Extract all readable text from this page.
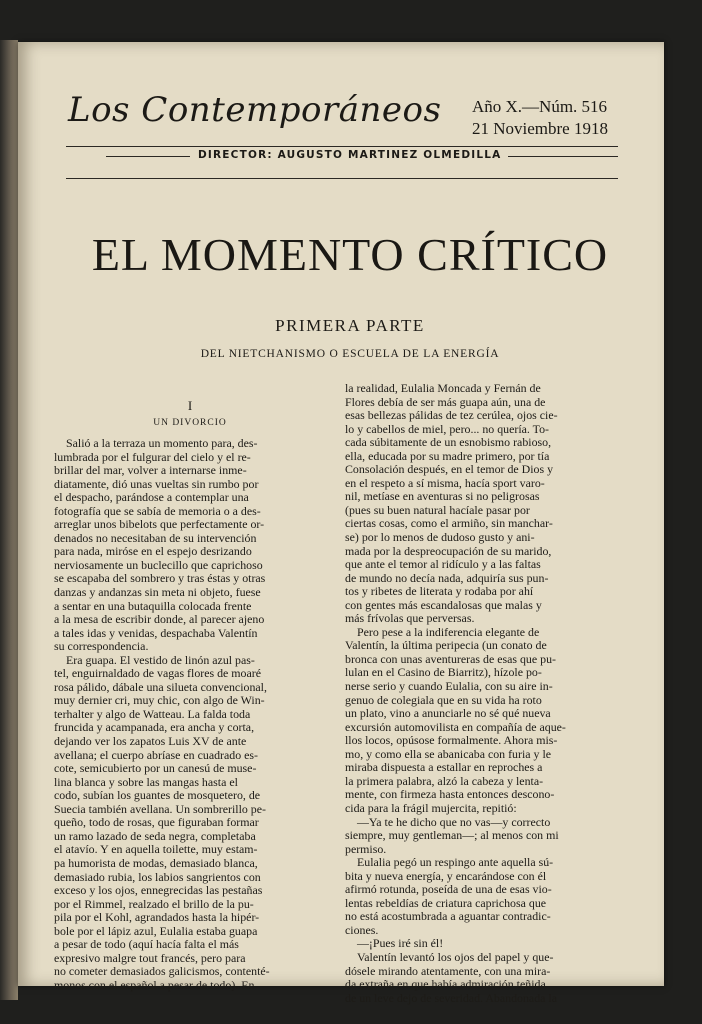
Los Contemporáneos Año X.—Núm. 516
21 Noviembre 1918
DIRECTOR: AUGUSTO MARTINEZ OLMEDILLA
EL MOMENTO CRÍTICO
PRIMERA PARTE
DEL NIETCHANISMO O ESCUELA DE LA ENERGÍA
I
UN DIVORCIO
Salió a la terraza un momento para, des-
lumbrada por el fulgurar del cielo y el re-
brillar del mar, volver a internarse inme-
diatamente, dió unas vueltas sin rumbo por
el despacho, parándose a contemplar una
fotografía que se sabía de memoria o a des-
arreglar unos bibelots que perfectamente or-
denados no necesitaban de su intervención
para nada, miróse en el espejo desrizando
nerviosamente un buclecillo que caprichoso
se escapaba del sombrero y tras éstas y otras
danzas y andanzas sin meta ni objeto, fuese
a sentar en una butaquilla colocada frente
a la mesa de escribir donde, al parecer ajeno
a tales idas y venidas, despachaba Valentín
su correspondencia.
Era guapa. El vestido de linón azul pas-
tel, enguirnaldado de vagas flores de moaré
rosa pálido, dábale una silueta convencional,
muy dernier cri, muy chic, con algo de Win-
terhalter y algo de Watteau. La falda toda
fruncida y acampanada, era ancha y corta,
dejando ver los zapatos Luis XV de ante
avellana; el cuerpo abríase en cuadrado es-
cote, semicubierto por un canesú de muse-
lina blanca y sobre las mangas hasta el
codo, subían los guantes de mosquetero, de
Suecia también avellana. Un sombrerillo pe-
queño, todo de rosas, que figuraban formar
un ramo lazado de seda negra, completaba
el atavío. Y en aquella toilette, muy estam-
pa humorista de modas, demasiado blanca,
demasiado rubia, los labios sangrientos con
exceso y los ojos, ennegrecidas las pestañas
por el Rimmel, realzado el brillo de la pu-
pila por el Kohl, agrandados hasta la hipér-
bole por el lápiz azul, Eulalia estaba guapa
a pesar de todo (aquí hacía falta el más
expresivo malgre tout francés, pero para
no cometer demasiados galicismos, contenté-
monos con el español a pesar de todo). En
la realidad, Eulalia Moncada y Fernán de
Flores debía de ser más guapa aún, una de
esas bellezas pálidas de tez cerúlea, ojos cie-
lo y cabellos de miel, pero... no quería. To-
cada súbitamente de un esnobismo rabioso,
ella, educada por su madre primero, por tía
Consolación después, en el temor de Dios y
en el respeto a sí misma, hacía sport varo-
nil, metíase en aventuras si no peligrosas
(pues su buen natural hacíale pasar por
ciertas cosas, como el armiño, sin manchar-
se) por lo menos de dudoso gusto y ani-
mada por la despreocupación de su marido,
que ante el temor al ridículo y a las faltas
de mundo no decía nada, adquiría sus pun-
tos y ribetes de literata y rodaba por ahí
con gentes más escandalosas que malas y
más frívolas que perversas.
Pero pese a la indiferencia elegante de
Valentín, la última peripecia (un conato de
bronca con unas aventureras de esas que pu-
lulan en el Casino de Biarritz), hízole po-
nerse serio y cuando Eulalia, con su aire in-
genuo de colegiala que en su vida ha roto
un plato, vino a anunciarle no sé qué nueva
excursión automovilista en compañía de aque-
llos locos, opúsose formalmente. Ahora mis-
mo, y como ella se abanicaba con furia y le
miraba dispuesta a estallar en reproches a
la primera palabra, alzó la cabeza y lenta-
mente, con firmeza hasta entonces descono-
cida para la frágil mujercita, repitió:
—Ya te he dicho que no vas—y correcto
siempre, muy gentleman—; al menos con mi
permiso.
Eulalia pegó un respingo ante aquella sú-
bita y nueva energía, y encarándose con él
afirmó rotunda, poseída de una de esas vio-
lentas rebeldías de criatura caprichosa que
no está acostumbrada a aguantar contradic-
ciones.
—¡Pues iré sin él!
Valentín levantó los ojos del papel y que-
dósele mirando atentamente, con una mira-
da extraña en que había admiración teñida
de un leve dejo de severidad. Abandonada la
